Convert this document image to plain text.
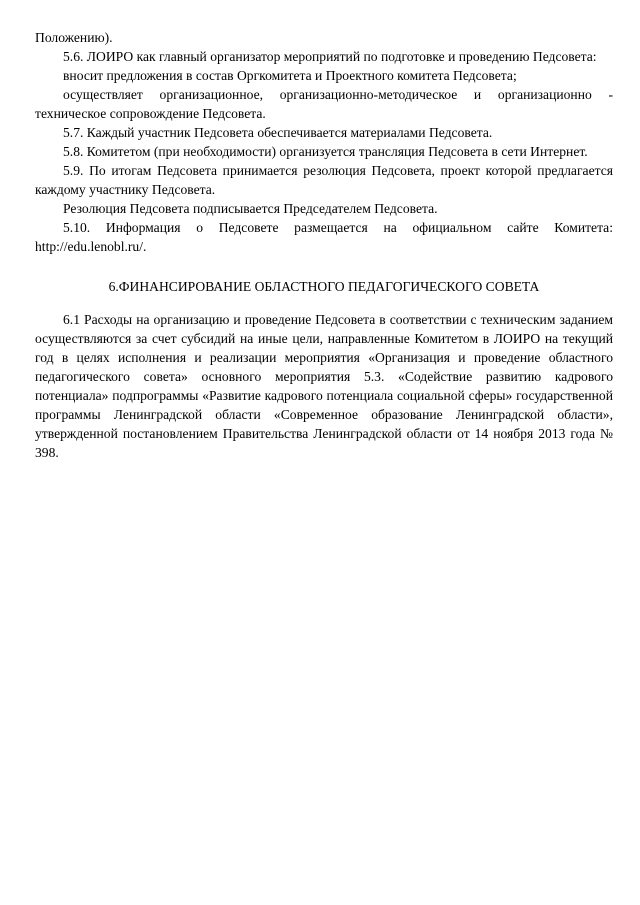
Положению).

5.6. ЛОИРО как главный организатор мероприятий по подготовке и проведению Педсовета:

вносит предложения в состав Оргкомитета и Проектного комитета Педсовета;

осуществляет организационное, организационно-методическое и организационно - техническое сопровождение Педсовета.

5.7. Каждый участник Педсовета обеспечивается материалами Педсовета.

5.8. Комитетом (при необходимости) организуется трансляция Педсовета в сети Интернет.

5.9. По итогам Педсовета принимается резолюция Педсовета, проект которой предлагается каждому участнику Педсовета.

Резолюция Педсовета подписывается Председателем Педсовета.

5.10. Информация о Педсовете размещается на официальном сайте Комитета: http://edu.lenobl.ru/.

6.ФИНАНСИРОВАНИЕ ОБЛАСТНОГО ПЕДАГОГИЧЕСКОГО СОВЕТА

6.1 Расходы на организацию и проведение Педсовета в соответствии с техническим заданием осуществляются за счет субсидий на иные цели, направленные Комитетом в ЛОИРО на текущий год в целях исполнения и реализации мероприятия «Организация и проведение областного педагогического совета» основного мероприятия 5.3. «Содействие развитию кадрового потенциала» подпрограммы «Развитие кадрового потенциала социальной сферы» государственной программы Ленинградской области «Современное образование Ленинградской области», утвержденной постановлением Правительства Ленинградской области от 14 ноября 2013 года № 398.
